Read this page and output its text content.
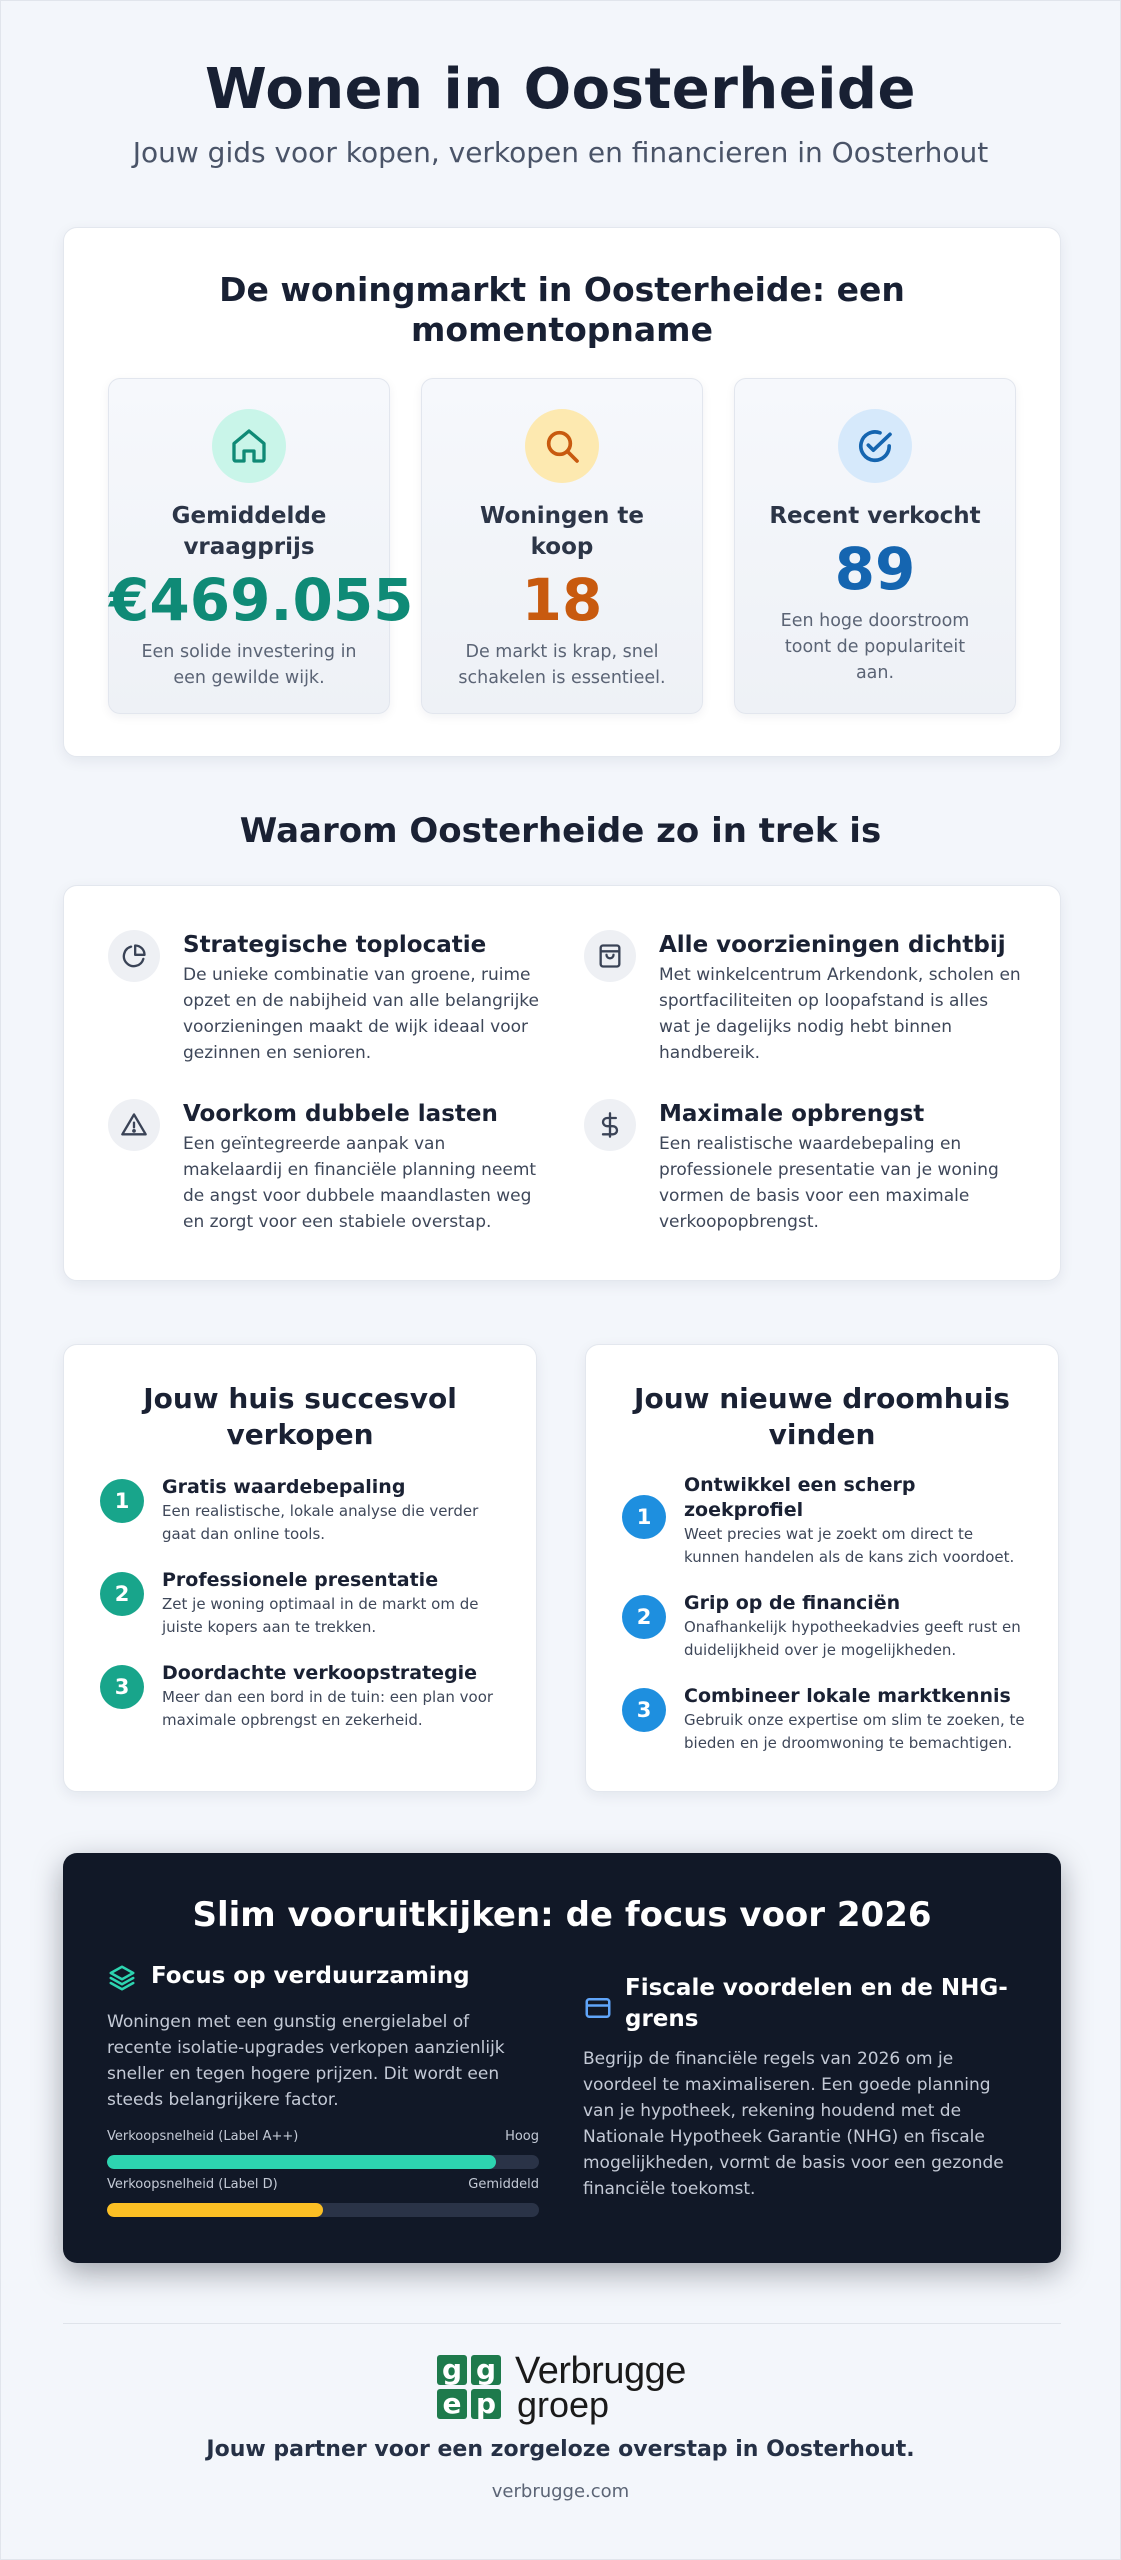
Wonen in Oosterheide

Jouw gids voor kopen, verkopen en financieren in Oosterhout

De woningmarkt in Oosterheide: een momentopname
Gemiddelde vraagprijs
€469.055
Een solide investering in een gewilde wijk.
Woningen te koop
18
De markt is krap, snel schakelen is essentieel.
Recent verkocht
89
Een hoge doorstroom toont de populariteit aan.
Waarom Oosterheide zo in trek is
Strategische toplocatie
De unieke combinatie van groene, ruime opzet en de nabijheid van alle belangrijke voorzieningen maakt de wijk ideaal voor gezinnen en senioren.
Alle voorzieningen dichtbij
Met winkelcentrum Arkendonk, scholen en sportfaciliteiten op loopafstand is alles wat je dagelijks nodig hebt binnen handbereik.
Voorkom dubbele lasten
Een geïntegreerde aanpak van makelaardij en financiële planning neemt de angst voor dubbele maandlasten weg en zorgt voor een stabiele overstap.
Maximale opbrengst
Een realistische waardebepaling en professionele presentatie van je woning vormen de basis voor een maximale verkoopopbrengst.
Jouw huis succesvol verkopen
1
Gratis waardebepaling
Een realistische, lokale analyse die verder gaat dan online tools.
2
Professionele presentatie
Zet je woning optimaal in de markt om de juiste kopers aan te trekken.
3
Doordachte verkoopstrategie
Meer dan een bord in de tuin: een plan voor maximale opbrengst en zekerheid.
Jouw nieuwe droomhuis vinden
1
Ontwikkel een scherp zoekprofiel
Weet precies wat je zoekt om direct te kunnen handelen als de kans zich voordoet.
2
Grip op de financiën
Onafhankelijk hypotheekadvies geeft rust en duidelijkheid over je mogelijkheden.
3
Combineer lokale marktkennis
Gebruik onze expertise om slim te zoeken, te bieden en je droomwoning te bemachtigen.
Slim vooruitkijken: de focus voor 2026
Focus op verduurzaming
Woningen met een gunstig energielabel of recente isolatie-upgrades verkopen aanzienlijk sneller en tegen hogere prijzen. Dit wordt een steeds belangrijkere factor.
Verkoopsnelheid (Label A++)	Hoog
Verkoopsnelheid (Label D)	Gemiddeld
Fiscale voordelen en de NHG-grens
Begrijp de financiële regels van 2026 om je voordeel te maximaliseren. Een goede planning van je hypotheek, rekening houdend met de Nationale Hypotheek Garantie (NHG) en fiscale mogelijkheden, vormt de basis voor een gezonde financiële toekomst.
g g
e p
Verbrugge
groep
Jouw partner voor een zorgeloze overstap in Oosterhout.
verbrugge.com
